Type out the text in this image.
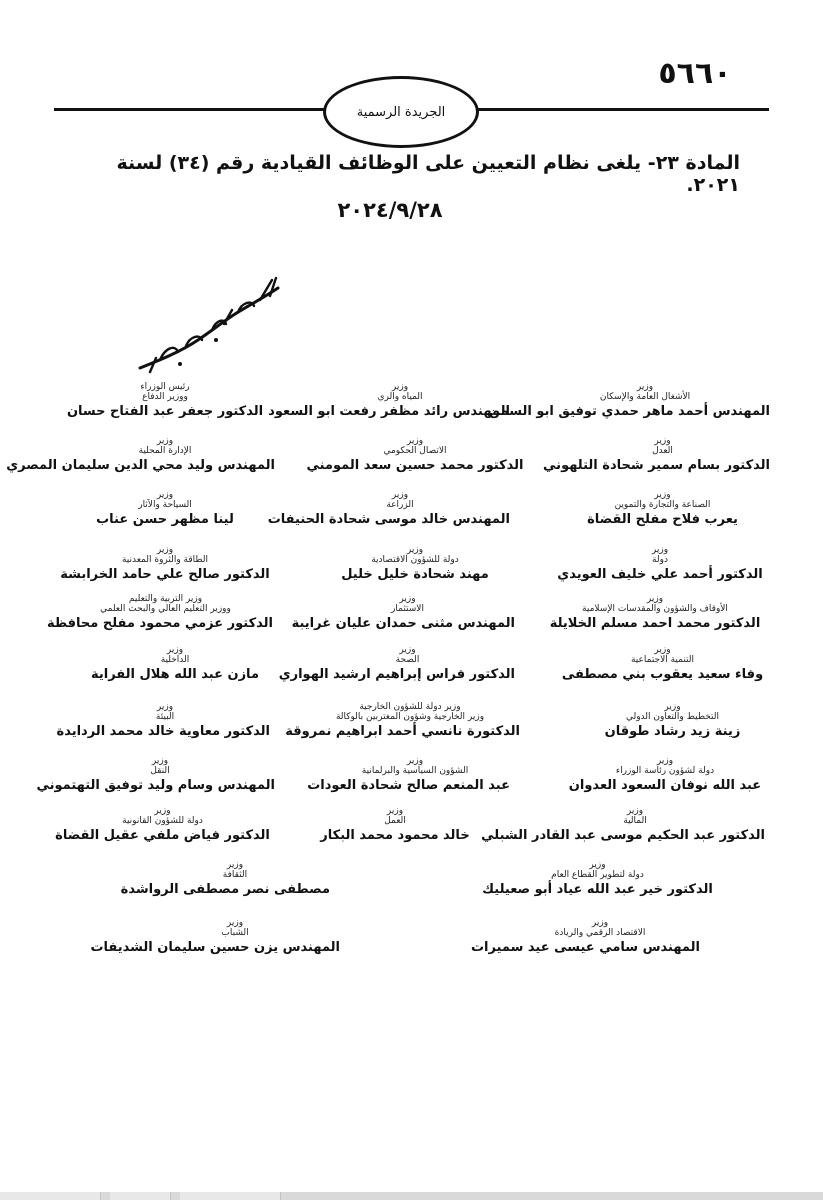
٥٦٦٠
الجريدة الرسمية
المادة ٢٣- يلغى نظام التعيين على الوظائف القيادية رقم (٣٤) لسنة ٢٠٢١.
٢٠٢٤/٩/٢٨
رئيس الوزراء
ووزير الدفاع
الدكتور جعفر عبد الفتاح حسان
وزير
المياه والري
المهندس رائد مظفر رفعت ابو السعود
وزير
الأشغال العامة والإسكان
المهندس أحمد ماهر حمدي توفيق ابو السمن
وزير
الإدارة المحلية
المهندس وليد محي الدين سليمان المصري
وزير
الاتصال الحكومي
الدكتور محمد حسين سعد المومني
وزير
العدل
الدكتور بسام سمير شحادة التلهوني
وزير
السياحة والآثار
لينا مظهر حسن عناب
وزير
الزراعة
المهندس خالد موسى شحادة الحنيفات
وزير
الصناعة والتجارة والتموين
يعرب فلاح مفلح القضاة
وزير
الطاقة والثروة المعدنية
الدكتور صالح علي حامد الخرابشة
وزير
دولة للشؤون الاقتصادية
مهند شحادة خليل خليل
وزير
دولة
الدكتور أحمد علي خليف العويدي
وزير التربية والتعليم
ووزير التعليم العالي والبحث العلمي
الدكتور عزمي محمود مفلح محافظة
وزير
الاستثمار
المهندس مثنى حمدان عليان غرايبة
وزير
الأوقاف والشؤون والمقدسات الإسلامية
الدكتور محمد احمد مسلم الخلايلة
وزير
الداخلية
مازن عبد الله هلال الفراية
وزير
الصحة
الدكتور فراس إبراهيم ارشيد الهواري
وزير
التنمية الاجتماعية
وفاء سعيد يعقوب بني مصطفى
وزير
البيئة
الدكتور معاوية خالد محمد الردايدة
وزير دولة للشؤون الخارجية
وزير الخارجية وشؤون المغتربين بالوكالة
الدكتورة نانسي أحمد ابراهيم نمروقة
وزير
التخطيط والتعاون الدولي
زينة زيد رشاد طوقان
وزير
النقل
المهندس وسام وليد توفيق التهتموني
وزير
الشؤون السياسية والبرلمانية
عبد المنعم صالح شحادة العودات
وزير
دولة لشؤون رئاسة الوزراء
عبد الله نوفان السعود العدوان
وزير
دولة للشؤون القانونية
الدكتور فياض ملفي عقيل القضاة
وزير
العمل
خالد محمود محمد البكار
وزير
المالية
الدكتور عبد الحكيم موسى عبد القادر الشبلي
وزير
الثقافة
مصطفى نصر مصطفى الرواشدة
وزير
دولة لتطوير القطاع العام
الدكتور خير عبد الله عياد أبو صعيليك
وزير
الشباب
المهندس يزن حسين سليمان الشديفات
وزير
الاقتصاد الرقمي والريادة
المهندس سامي عيسى عيد سميرات
